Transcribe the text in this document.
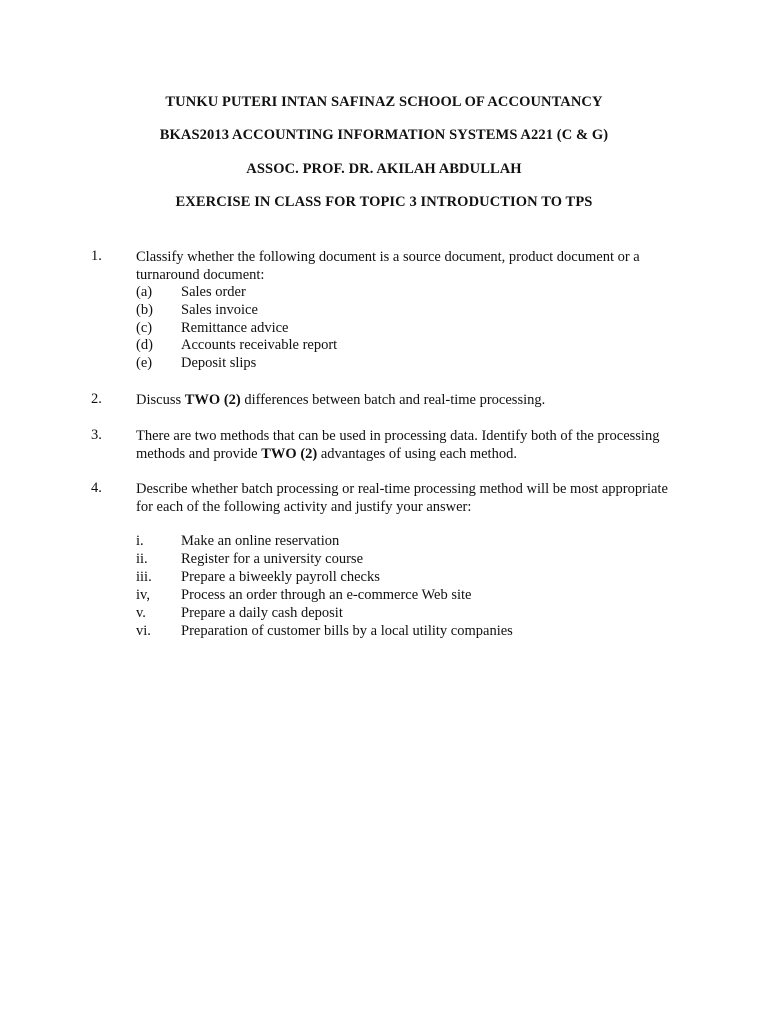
TUNKU PUTERI INTAN SAFINAZ SCHOOL OF ACCOUNTANCY
BKAS2013 ACCOUNTING INFORMATION SYSTEMS A221 (C & G)
ASSOC. PROF. DR. AKILAH ABDULLAH
EXERCISE IN CLASS FOR TOPIC 3 INTRODUCTION TO TPS
1. Classify whether the following document is a source document, product document or a
turnaround document:
(a) Sales order
(b) Sales invoice
(c) Remittance advice
(d) Accounts receivable report
(e) Deposit slips
2. Discuss TWO (2) differences between batch and real-time processing.
3. There are two methods that can be used in processing data. Identify both of the processing
methods and provide TWO (2) advantages of using each method.
4. Describe whether batch processing or real-time processing method will be most appropriate
for each of the following activity and justify your answer:
i.	Make an online reservation
ii. Register for a university course
iii. Prepare a biweekly payroll checks
iv, Process an order through an e-commerce Web site
v. Prepare a daily cash deposit
vi. Preparation of customer bills by a local utility companies
